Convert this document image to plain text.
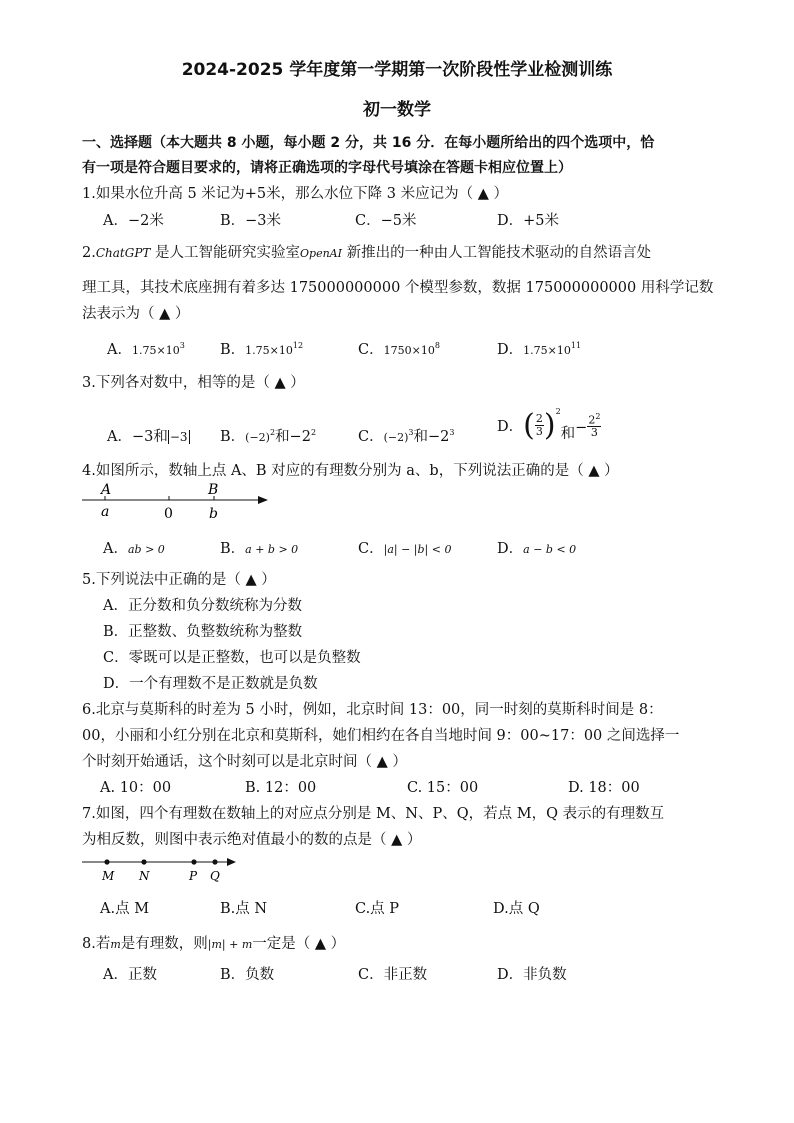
2024-2025 学年度第一学期第一次阶段性学业检测训练
初一数学
一、选择题（本大题共 8 小题，每小题 2 分，共 16 分．在每小题所给出的四个选项中，恰
有一项是符合题目要求的，请将正确选项的字母代号填涂在答题卡相应位置上）
1.如果水位升高 5 米记为+5米，那么水位下降 3 米应记为（ ▲ ）
A．−2米	B．−3米	C．−5米	D．+5米
2.ChatGPT 是人工智能研究实验室OpenAI 新推出的一种由人工智能技术驱动的自然语言处
理工具，其技术底座拥有着多达 175000000000 个模型参数，数据 175000000000 用科学记数
法表示为（ ▲ ）
A．$1.75\times 10^3$ B．$1.75\times 10^{12}$	C．$1750\times 10^8$	D．$1.75\times 10^{11}$
3.下列各对数中，相等的是（ ▲ ）
A．−3和 −3 B．$(-2)^2$和$-2^2$	C．$(-2)^3$和$-2^3$	D． ( $\frac{2}{3} )^2$
和 − $\frac{2^2}{3}$
4.如图所示，数轴上点 A、B 对应的有理数分别为 a、b，下列说法正确的是（ ▲ ）
A
a	0
B
b
A．ab > 0	B．a + b > 0	C．|a| − |b| < 0	D．a − b < 0
5.下列说法中正确的是（ ▲ ）
A．正分数和负分数统称为分数
B．正整数、负整数统称为整数
C．零既可以是正整数，也可以是负整数
D．一个有理数不是正数就是负数
6.北京与莫斯科的时差为 5 小时，例如，北京时间 13：00，同一时刻的莫斯科时间是 8：
00，小丽和小红分别在北京和莫斯科，她们相约在各自当地时间 9：00~17：00 之间选择一
个时刻开始通话，这个时刻可以是北京时间（ ▲ ）
A. 10：00	B. 12：00	C. 15：00	D. 18：00
7.如图，四个有理数在数轴上的对应点分别是 M、N、P、Q，若点 M，Q 表示的有理数互
为相反数，则图中表示绝对值最小的数的点是（ ▲ ）
M N	P Q
A.点 M	B.点 N	C.点 P	D.点 Q
8.若m是有理数，则|m| + m一定是（ ▲ ）
A．正数	B．负数	C．非正数	D．非负数
